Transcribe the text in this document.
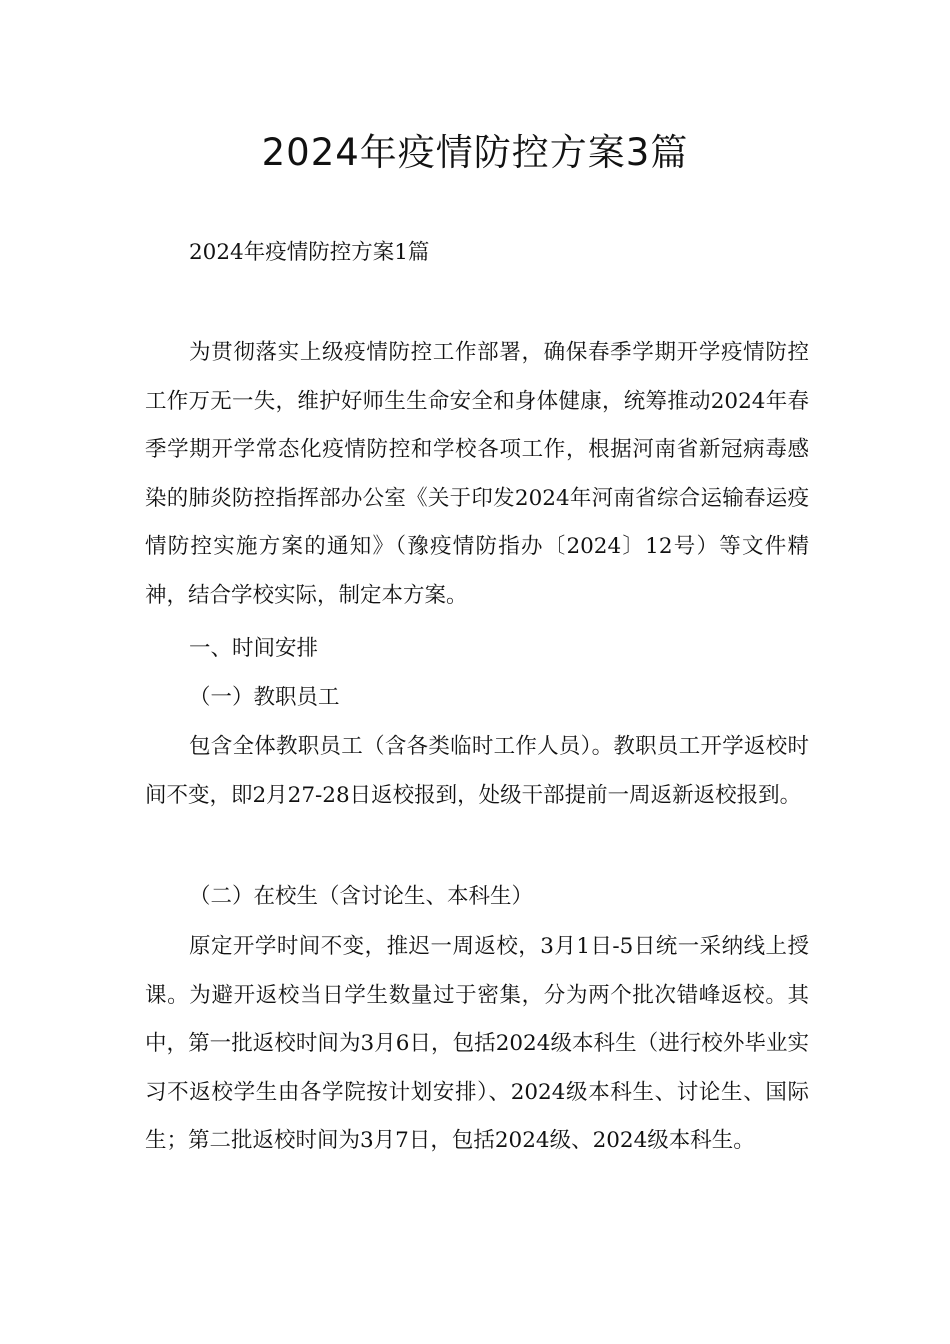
2024年疫情防控方案3篇

2024年疫情防控方案1篇

为贯彻落实上级疫情防控工作部署，确保春季学期开学疫情防控工作万无一失，维护好师生生命安全和身体健康，统筹推动2024年春季学期开学常态化疫情防控和学校各项工作，根据河南省新冠病毒感染的肺炎防控指挥部办公室《关于印发2024年河南省综合运输春运疫情防控实施方案的通知》（豫疫情防指办〔2024〕12号）等文件精神，结合学校实际，制定本方案。

一、时间安排

（一）教职员工

包含全体教职员工（含各类临时工作人员）。教职员工开学返校时间不变，即2月27-28日返校报到，处级干部提前一周返新返校报到。

（二）在校生（含讨论生、本科生）

原定开学时间不变，推迟一周返校，3月1日-5日统一采纳线上授课。为避开返校当日学生数量过于密集，分为两个批次错峰返校。其中，第一批返校时间为3月6日，包括2024级本科生（进行校外毕业实习不返校学生由各学院按计划安排）、2024级本科生、讨论生、国际生；第二批返校时间为3月7日，包括2024级、2024级本科生。
